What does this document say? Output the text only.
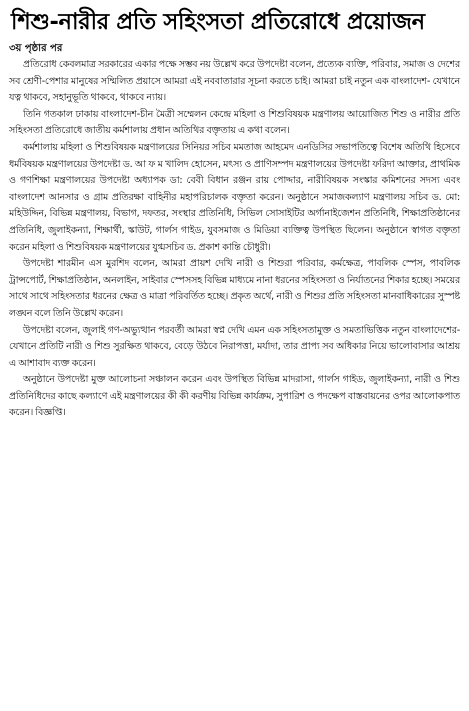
শিশু-নারীর প্রতি সহিংসতা প্রতিরোধে প্রয়োজন
৩য় পৃষ্ঠার পর

প্রতিরোধ কেবলমাত্র সরকারের একার পক্ষে সম্ভব নয় উল্লেখ করে উপদেষ্টা বলেন, প্রত্যেক ব্যক্তি, পরিবার, সমাজ ও দেশের সব শ্রেণী-পেশার মানুষের সম্মিলিত প্রয়াসে আমরা এই নববাতারার সূচনা করতে চাই। আমরা চাই নতুন এক বাংলাদেশ- যেখানে যত্ন থাকবে, সহানুভূতি থাকবে, থাকবে ন্যায়।

তিনি গতকাল ঢাকায় বাংলাদেশ-চীন মৈত্রী সম্মেলন কেন্দ্রে মহিলা ও শিশুবিষয়ক মন্ত্রণালয় আয়োজিত শিশু ও নারীর প্রতি সহিংসতা প্রতিরোধে জাতীয় কর্মশালায় প্রধান অতিথির বক্তৃতায় এ কথা বলেন।

কর্মশালায় মহিলা ও শিশুবিষয়ক মন্ত্রণালয়ের সিনিয়র সচিব মমতাজ আহমেদ এনডিসির সভাপতিত্বে বিশেষ অতিথি হিসেবে ধর্মবিষয়ক মন্ত্রণালয়ের উপদেষ্টা ড. আ ফ ম খালিদ হোসেন, মৎস্য ও প্রাণিসম্পদ মন্ত্রণালয়ের উপদেষ্টা ফরিদা আক্তার, প্রাথমিক ও গণশিক্ষা মন্ত্রণালয়ের উপদেষ্টা অধ্যাপক ডা: বেবী বিধান রঞ্জন রায় পোদ্দার, নারীবিষয়ক সংস্কার কমিশনের সদস্য এবং বাংলাদেশ আনসার ও গ্রাম প্রতিরক্ষা বাহিনীর মহাপরিচালক বক্তৃতা করেন। অনুষ্ঠানে সমাজকল্যাণ মন্ত্রণালয় সচিব ড. মো: মহিউদ্দিন, বিভিন্ন মন্ত্রণালয়, বিভাগ, দফতর, সংস্থার প্রতিনিধি, সিভিল সোসাইটির অর্গানাইজেশন প্রতিনিধি, শিক্ষাপ্রতিষ্ঠানের প্রতিনিধি, জুলাইকন্যা, শিক্ষার্থী, স্কাউট, গার্লস গাইড, যুবসমাজ ও মিডিয়া ব্যক্তিত্ব উপস্থিত ছিলেন। অনুষ্ঠানে স্বাগত বক্তৃতা করেন মহিলা ও শিশুবিষয়ক মন্ত্রণালয়ের যুগ্মসচিব ড. প্রকাশ কান্তি চৌধুরী।

উপদেষ্টা শারমীন এস মুরশিদ বলেন, আমরা প্রায়শ দেখি নারী ও শিশুরা পরিবার, কর্মক্ষেত্র, পাবলিক স্পেস, পাবলিক ট্রান্সপোর্ট, শিক্ষাপ্রতিষ্ঠান, অনলাইন, সাইবার স্পেসসহ বিভিন্ন মাধ্যমে নানা ধরনের সহিংসতা ও নির্যাতনের শিকার হচ্ছে। সময়ের সাথে সাথে সহিংসতার ধরনের ক্ষেত্র ও মাত্রা পরিবর্তিত হচ্ছে। প্রকৃত অর্থে, নারী ও শিশুর প্রতি সহিংসতা মানবাধিকারের সুস্পষ্ট লঙ্ঘন বলে তিনি উল্লেখ করেন।

উপদেষ্টা বলেন, জুলাই গণ-অভ্যুত্থান পরবর্তী আমরা স্বপ্ন দেখি এমন এক সহিংসতামুক্ত ও সমতাভিত্তিক নতুন বাংলাদেশের- যেখানে প্রতিটি নারী ও শিশু সুরক্ষিত থাকবে, বেড়ে উঠবে নিরাপত্তা, মর্যাদা, তার প্রাপ্য সব অধিকার নিয়ে ভালোবাসার আশ্রয় এ আশাবাদ ব্যক্ত করেন।

অনুষ্ঠানে উপদেষ্টা মুক্ত আলোচনা সঞ্চালন করেন এবং উপস্থিত বিভিন্ন মাদরাসা, গার্লস গাইড, জুলাইকন্যা, নারী ও শিশু প্রতিনিধিদের কাছে কল্যাণে এই মন্ত্রণালয়ের কী কী করণীয় বিভিন্ন কার্যক্রম, সুপারিশ ও পদক্ষেপ বাস্তবায়নের ওপর আলোকপাত করেন। বিজ্ঞপ্তি।
